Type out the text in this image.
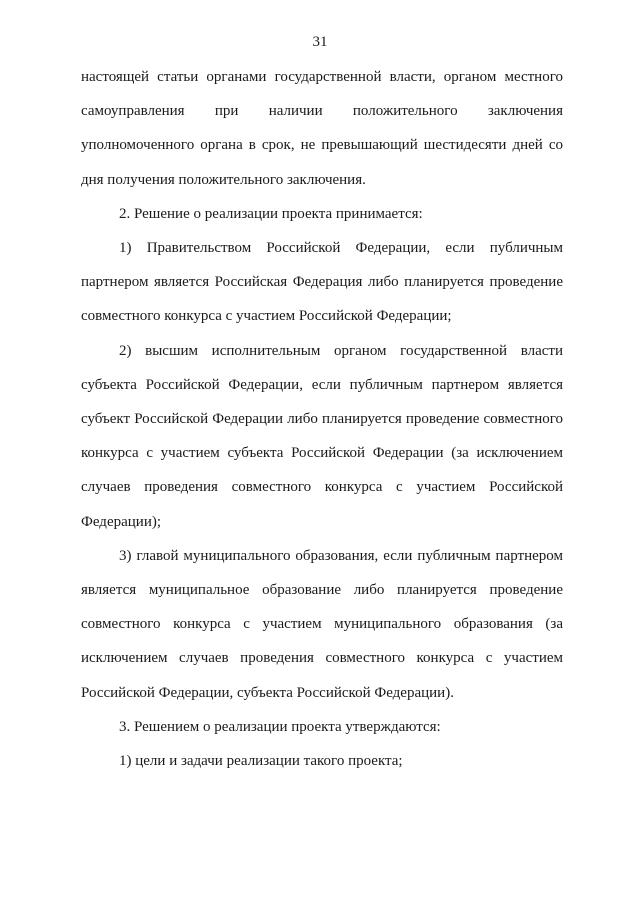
31

настоящей статьи органами государственной власти, органом местного самоуправления при наличии положительного заключения уполномоченного органа в срок, не превышающий шестидесяти дней со дня получения положительного заключения.

2. Решение о реализации проекта принимается:

1) Правительством Российской Федерации, если публичным партнером является Российская Федерация либо планируется проведение совместного конкурса с участием Российской Федерации;

2) высшим исполнительным органом государственной власти субъекта Российской Федерации, если публичным партнером является субъект Российской Федерации либо планируется проведение совместного конкурса с участием субъекта Российской Федерации (за исключением случаев проведения совместного конкурса с участием Российской Федерации);

3) главой муниципального образования, если публичным партнером является муниципальное образование либо планируется проведение совместного конкурса с участием муниципального образования (за исключением случаев проведения совместного конкурса с участием Российской Федерации, субъекта Российской Федерации).

3. Решением о реализации проекта утверждаются:

1) цели и задачи реализации такого проекта;
